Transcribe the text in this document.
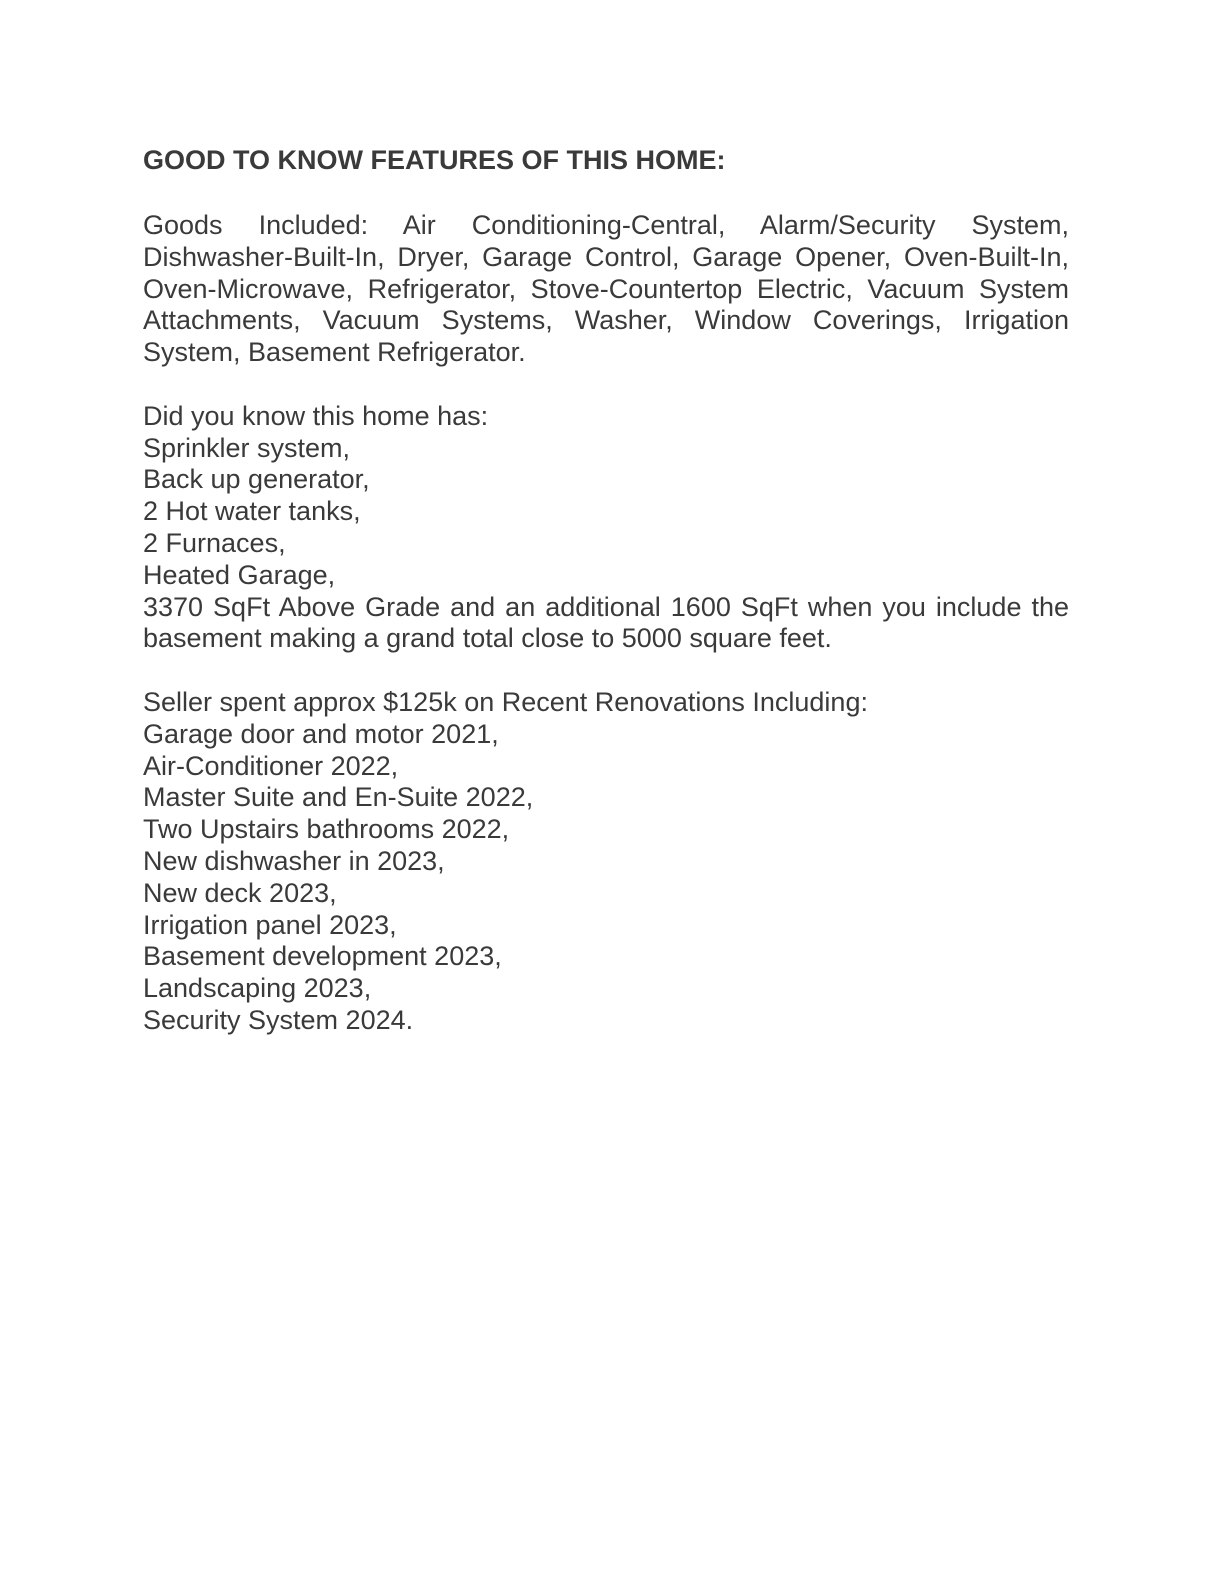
GOOD TO KNOW FEATURES OF THIS HOME:

Goods Included: Air Conditioning-Central, Alarm/Security System, Dishwasher-Built-In, Dryer, Garage Control, Garage Opener, Oven-Built-In, Oven-Microwave, Refrigerator, Stove-Countertop Electric, Vacuum System Attachments, Vacuum Systems, Washer, Window Coverings, Irrigation System, Basement Refrigerator.

Did you know this home has:
Sprinkler system,
Back up generator,
2 Hot water tanks,
2 Furnaces,
Heated Garage,

3370 SqFt Above Grade and an additional 1600 SqFt when you include the basement making a grand total close to 5000 square feet.

Seller spent approx $125k on Recent Renovations Including:
Garage door and motor 2021,
Air-Conditioner 2022,
Master Suite and En-Suite 2022,
Two Upstairs bathrooms 2022,
New dishwasher in 2023,
New deck 2023,
Irrigation panel 2023,
Basement development 2023,
Landscaping 2023,
Security System 2024.
